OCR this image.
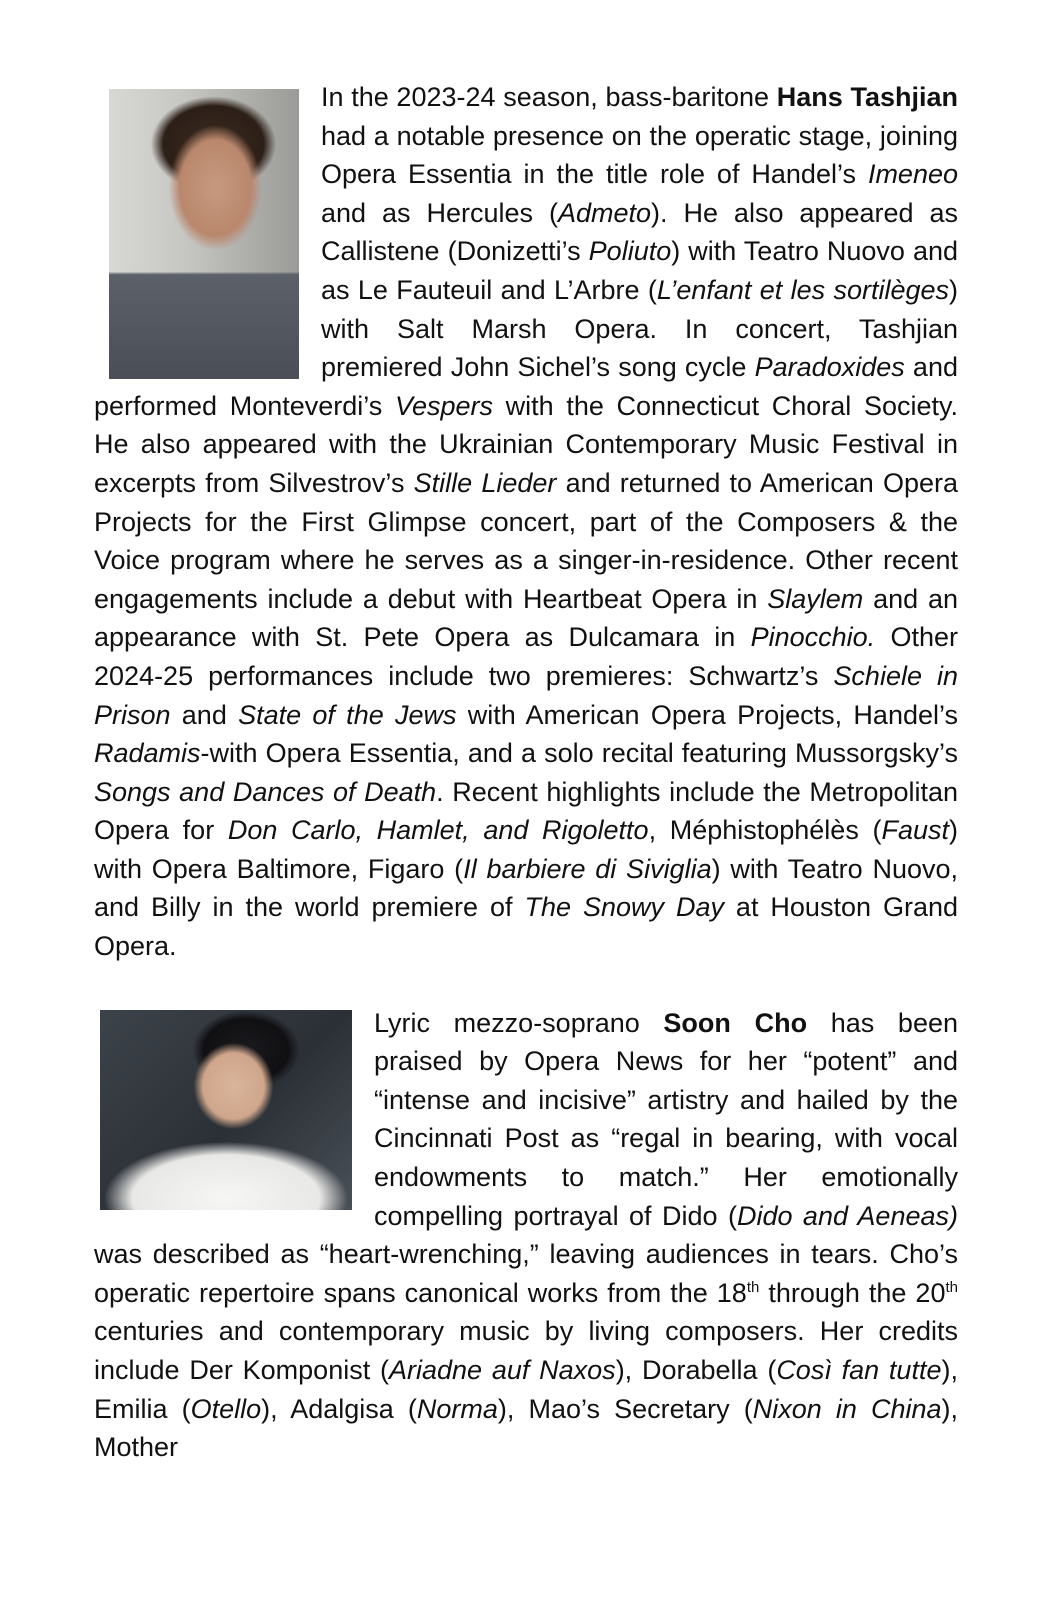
In the 2023-24 season, bass-baritone Hans Tashjian had a notable presence on the operatic stage, joining Opera Essentia in the title role of Handel’s Imeneo and as Hercules (Admeto). He also appeared as Callistene (Donizetti’s Poliuto) with Teatro Nuovo and as Le Fauteuil and L’Arbre (L’enfant et les sortilèges) with Salt Marsh Opera. In concert, Tashjian premiered John Sichel’s song cycle Paradoxides and performed Monteverdi’s Vespers with the Connecticut Choral Society. He also appeared with the Ukrainian Contemporary Music Festival in excerpts from Silvestrov’s Stille Lieder and returned to American Opera Projects for the First Glimpse concert, part of the Composers & the Voice program where he serves as a singer-in-residence. Other recent engagements include a debut with Heartbeat Opera in Slaylem and an appearance with St. Pete Opera as Dulcamara in Pinocchio. Other 2024-25 performances include two premieres: Schwartz’s Schiele in Prison and State of the Jews with American Opera Projects, Handel’s Radamis-with Opera Essentia, and a solo recital featuring Mussorgsky’s Songs and Dances of Death. Recent highlights include the Metropolitan Opera for Don Carlo, Hamlet, and Rigoletto, Méphistophélès (Faust) with Opera Baltimore, Figaro (Il barbiere di Siviglia) with Teatro Nuovo, and Billy in the world premiere of The Snowy Day at Houston Grand Opera.

Lyric mezzo-soprano Soon Cho has been praised by Opera News for her “potent” and “intense and incisive” artistry and hailed by the Cincinnati Post as “regal in bearing, with vocal endowments to match.” Her emotionally compelling portrayal of Dido (Dido and Aeneas) was described as “heart-wrenching,” leaving audiences in tears. Cho’s operatic repertoire spans canonical works from the 18th through the 20th centuries and contemporary music by living composers. Her credits include Der Komponist (Ariadne auf Naxos), Dorabella (Così fan tutte), Emilia (Otello), Adalgisa (Norma), Mao’s Secretary (Nixon in China), Mother
